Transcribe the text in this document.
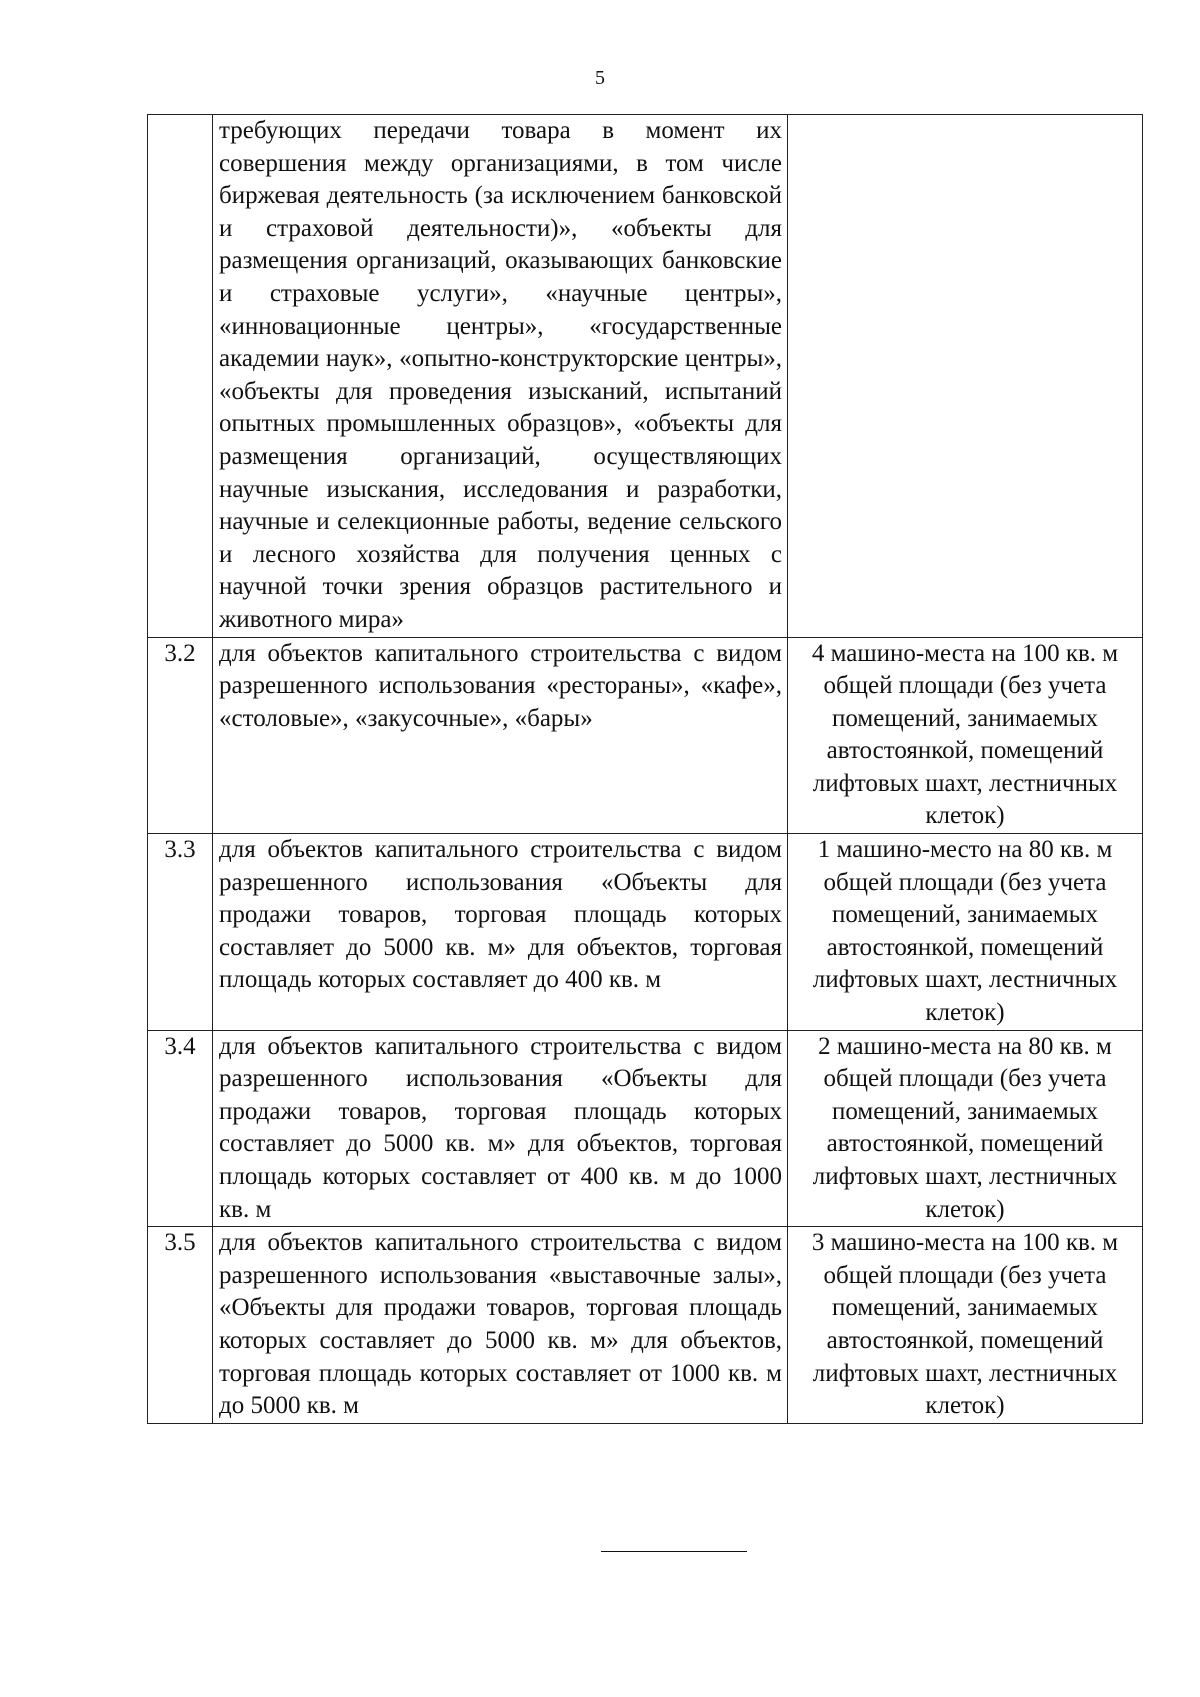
5

	требующих передачи товара в момент их совершения между организациями, в том числе биржевая деятельность (за исключением банковской и страховой деятельности)», «объекты для размещения организаций, оказывающих банковские и страховые услуги», «научные центры», «инновационные центры», «государственные академии наук», «опытно-конструкторские центры», «объекты для проведения изысканий, испытаний опытных промышленных образцов», «объекты для размещения организаций, осуществляющих научные изыскания, исследования и разработки, научные и селекционные работы, ведение сельского и лесного хозяйства для получения ценных с научной точки зрения образцов растительного и животного мира»	

3.2	для объектов капитального строительства с видом разрешенного использования «рестораны», «кафе», «столовые», «закусочные», «бары»	4 машино-места на 100 кв. м общей площади (без учета помещений, занимаемых автостоянкой, помещений лифтовых шахт, лестничных клеток)
3.3	для объектов капитального строительства с видом разрешенного использования «Объекты для продажи товаров, торговая площадь которых составляет до 5000 кв. м» для объектов, торговая площадь которых составляет до 400 кв. м	1 машино-место на 80 кв. м общей площади (без учета помещений, занимаемых автостоянкой, помещений лифтовых шахт, лестничных клеток)
3.4	для объектов капитального строительства с видом разрешенного использования «Объекты для продажи товаров, торговая площадь которых составляет до 5000 кв. м» для объектов, торговая площадь которых составляет от 400 кв. м до 1000 кв. м	2 машино-места на 80 кв. м общей площади (без учета помещений, занимаемых автостоянкой, помещений лифтовых шахт, лестничных клеток)
3.5	для объектов капитального строительства с видом разрешенного использования «выставочные залы», «Объекты для продажи товаров, торговая площадь которых составляет до 5000 кв. м» для объектов, торговая площадь которых составляет от 1000 кв. м до 5000 кв. м	3 машино-места на 100 кв. м общей площади (без учета помещений, занимаемых автостоянкой, помещений лифтовых шахт, лестничных клеток)
